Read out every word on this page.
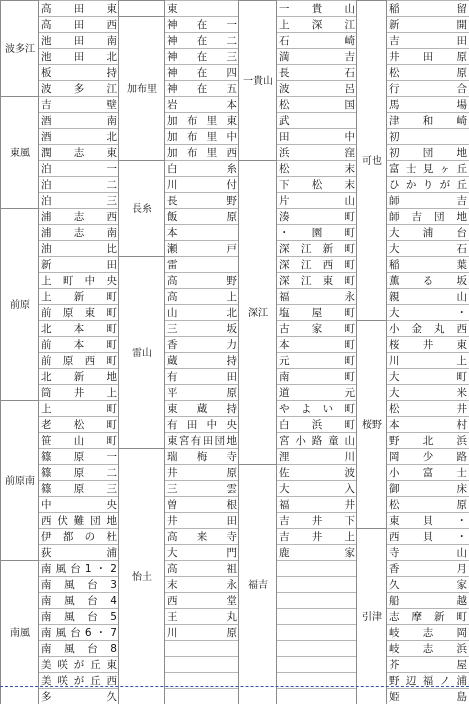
波多江
東風
前原
前原南
南風
高田東
高田西
池田南
池田北
板持
波多江
吉壁
酒南
酒北
潤志東
泊一
泊二
泊三
浦志西
浦志南
油比
新田
上町中央
上新町
前原東町
北本町
前本町
前原西町
北新地
筒井上
上町
老松町
笹山町
篠原一
篠原二
篠原三
中央
西伏難団地
伊都の杜
荻浦
南風台1・2
南風台3
南風台4
南風台5
南風台6・7
南風台8
美咲が丘東
美咲が丘西
多久
加布里
長糸
雷山
怡土
東
神在一
神在二
神在三
神在四
神在五
岩本
加布里東
加布里中
加布里西
白糸
川付
長野
飯原
本
瀬戸
雷
高野
高上
山北
三坂
香力
蔵持
有田
平原
東蔵持
有田中央
東宮有田団地
瑞梅寺
井原
三雲
曽根
井田
高来寺
大門
高祖
末永
西堂
王丸
川原
一貴山
深江
福吉
一貴山
上深江
石崎
満吉
長石
波呂
松国
武
田中
浜窪
松末
下松末
片山
湊町
・園町
深江新町
深江西町
深江東町
福永
塩屋町
古家町
本町
元町
南町
道元
やよい町
白浜町
宮小路童山
浬川
佐波
大入
福井
吉井下
吉井上
鹿家
可也
桜野
引津
稲留
新開
吉田
井田原
松原
行合
馬場
津和崎
初
初団地
富士見ヶ丘
ひかりが丘
師吉
師吉団地
大浦台
大石
稲葉
薫る坂
親山
大・
小金丸西
桜井東
川上
大町
大米
松井
本村
野北浜
岡少路
小富士
御床
松原
東貝・
西貝・
寺山
香月
久家
船越
志摩新町
岐志岡
岐志浜
芥屋
野辺福ノ浦
姫島
